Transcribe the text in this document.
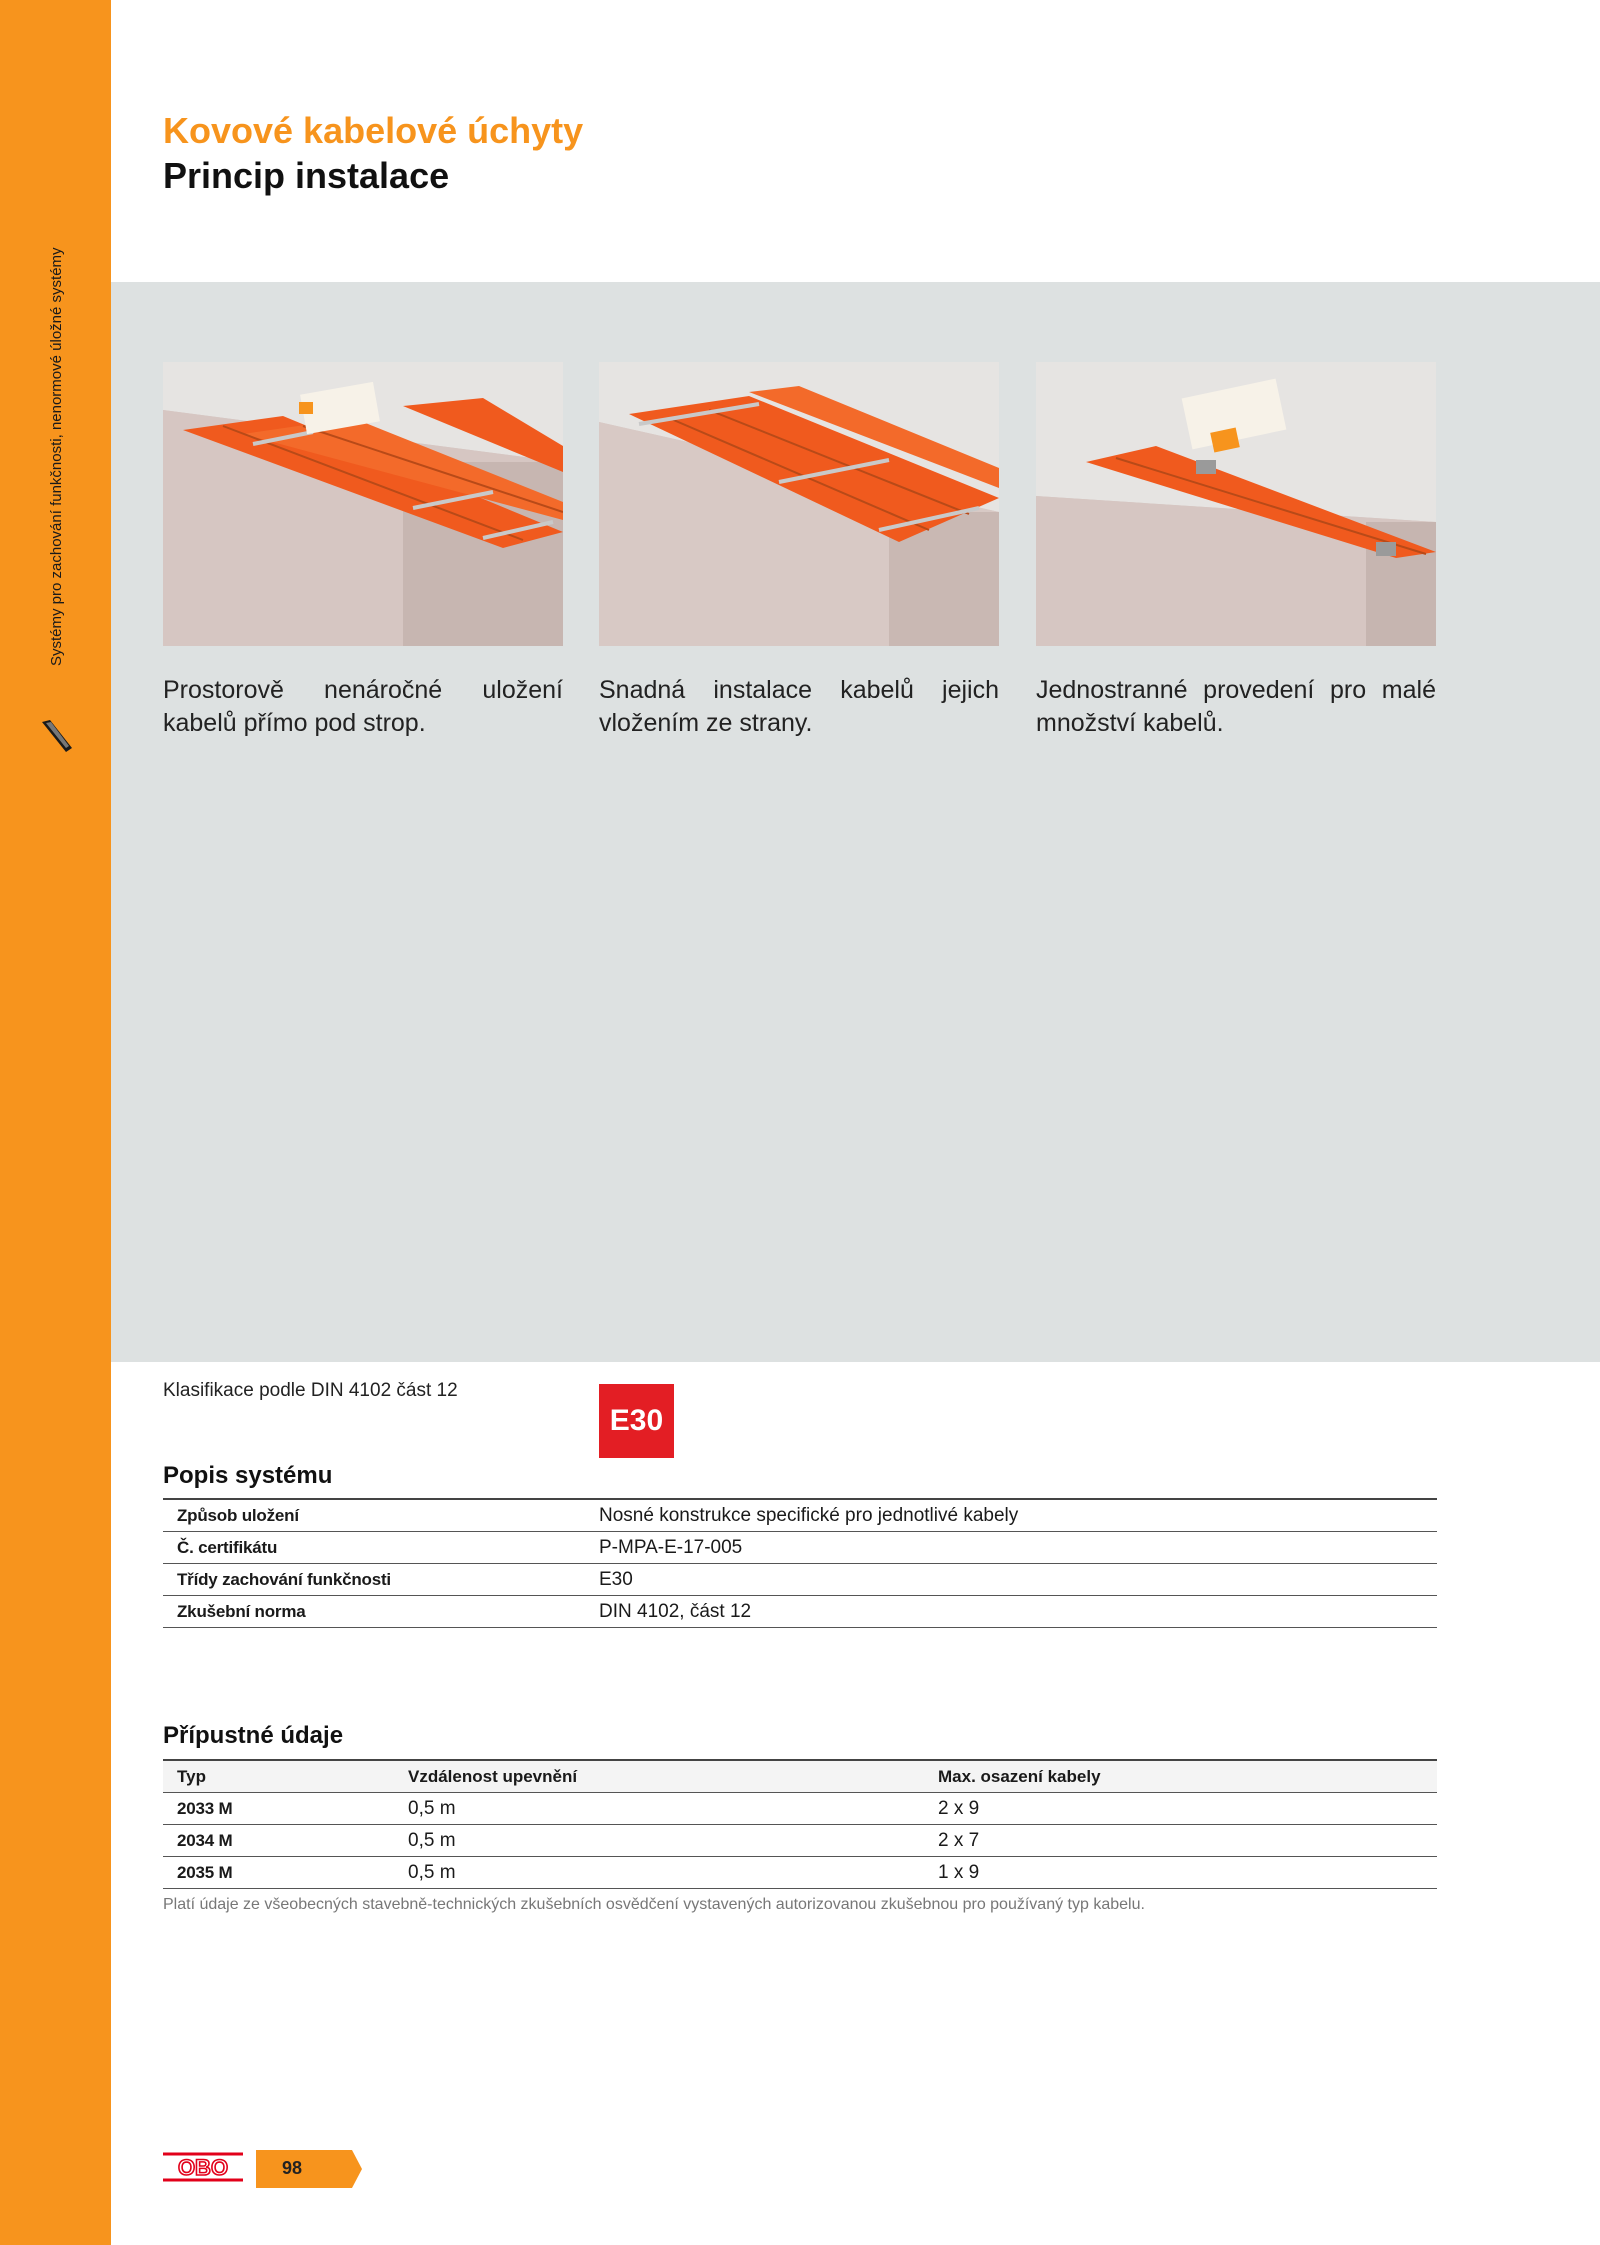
Systémy pro zachování funkčnosti, nenormové úložné systémy
Kovové kabelové úchyty
Princip instalace

Prostorově nenáročné uložení kabelů přímo pod strop.

Snadná instalace kabelů jejich vložením ze strany.

Jednostranné provedení pro malé množství kabelů.

Klasifikace podle DIN 4102 část 12
E30
Popis systému
Způsob uložení	Nosné konstrukce specifické pro jednotlivé kabely
Č. certifikátu	P-MPA-E-17-005
Třídy zachování funkčnosti	E30
Zkušební norma	DIN 4102, část 12
Přípustné údaje
Typ	Vzdálenost upevnění	Max. osazení kabely
2033 M	0,5 m	2 x 9
2034 M	0,5 m	2 x 7
2035 M	0,5 m	1 x 9
Platí údaje ze všeobecných stavebně-technických zkušebních osvědčení vystavených autorizovanou zkušebnou pro používaný typ kabelu.
OBO	98
